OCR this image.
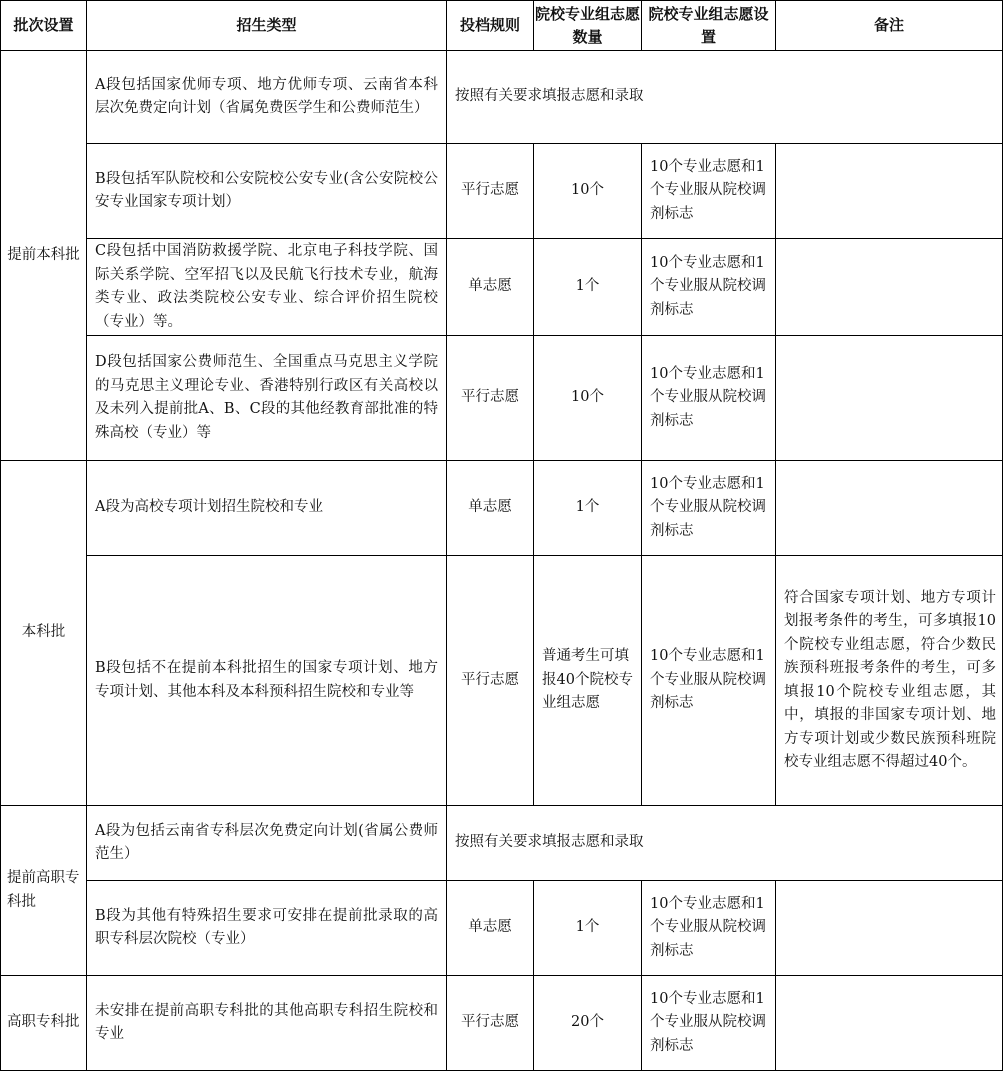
批次设置	招生类型	投档规则	院校专业组志愿数量	院校专业组志愿设置	备注
提前本科批	A段包括国家优师专项、地方优师专项、云南省本科层次免费定向计划（省属免费医学生和公费师范生）	按照有关要求填报志愿和录取			
	B段包括军队院校和公安院校公安专业(含公安院校公安专业国家专项计划）	平行志愿	10个	10个专业志愿和1个专业服从院校调剂标志	
	C段包括中国消防救援学院、北京电子科技学院、国际关系学院、空军招飞以及民航飞行技术专业，航海类专业、政法类院校公安专业、综合评价招生院校（专业）等。	单志愿	1个	10个专业志愿和1个专业服从院校调剂标志	
	D段包括国家公费师范生、全国重点马克思主义学院的马克思主义理论专业、香港特别行政区有关高校以及未列入提前批A、B、C段的其他经教育部批准的特殊高校（专业）等	平行志愿	10个	10个专业志愿和1个专业服从院校调剂标志	
本科批	A段为高校专项计划招生院校和专业	单志愿	1个	10个专业志愿和1个专业服从院校调剂标志	
	B段包括不在提前本科批招生的国家专项计划、地方专项计划、其他本科及本科预科招生院校和专业等	平行志愿	普通考生可填报40个院校专业组志愿	10个专业志愿和1个专业服从院校调剂标志	符合国家专项计划、地方专项计划报考条件的考生，可多填报10个院校专业组志愿，符合少数民族预科班报考条件的考生，可多填报10个院校专业组志愿，其中，填报的非国家专项计划、地方专项计划或少数民族预科班院校专业组志愿不得超过40个。
提前高职专科批	A段为包括云南省专科层次免费定向计划(省属公费师范生）	按照有关要求填报志愿和录取			
	B段为其他有特殊招生要求可安排在提前批录取的高职专科层次院校（专业）	单志愿	1个	10个专业志愿和1个专业服从院校调剂标志	
高职专科批	未安排在提前高职专科批的其他高职专科招生院校和专业	平行志愿	20个	10个专业志愿和1个专业服从院校调剂标志	
